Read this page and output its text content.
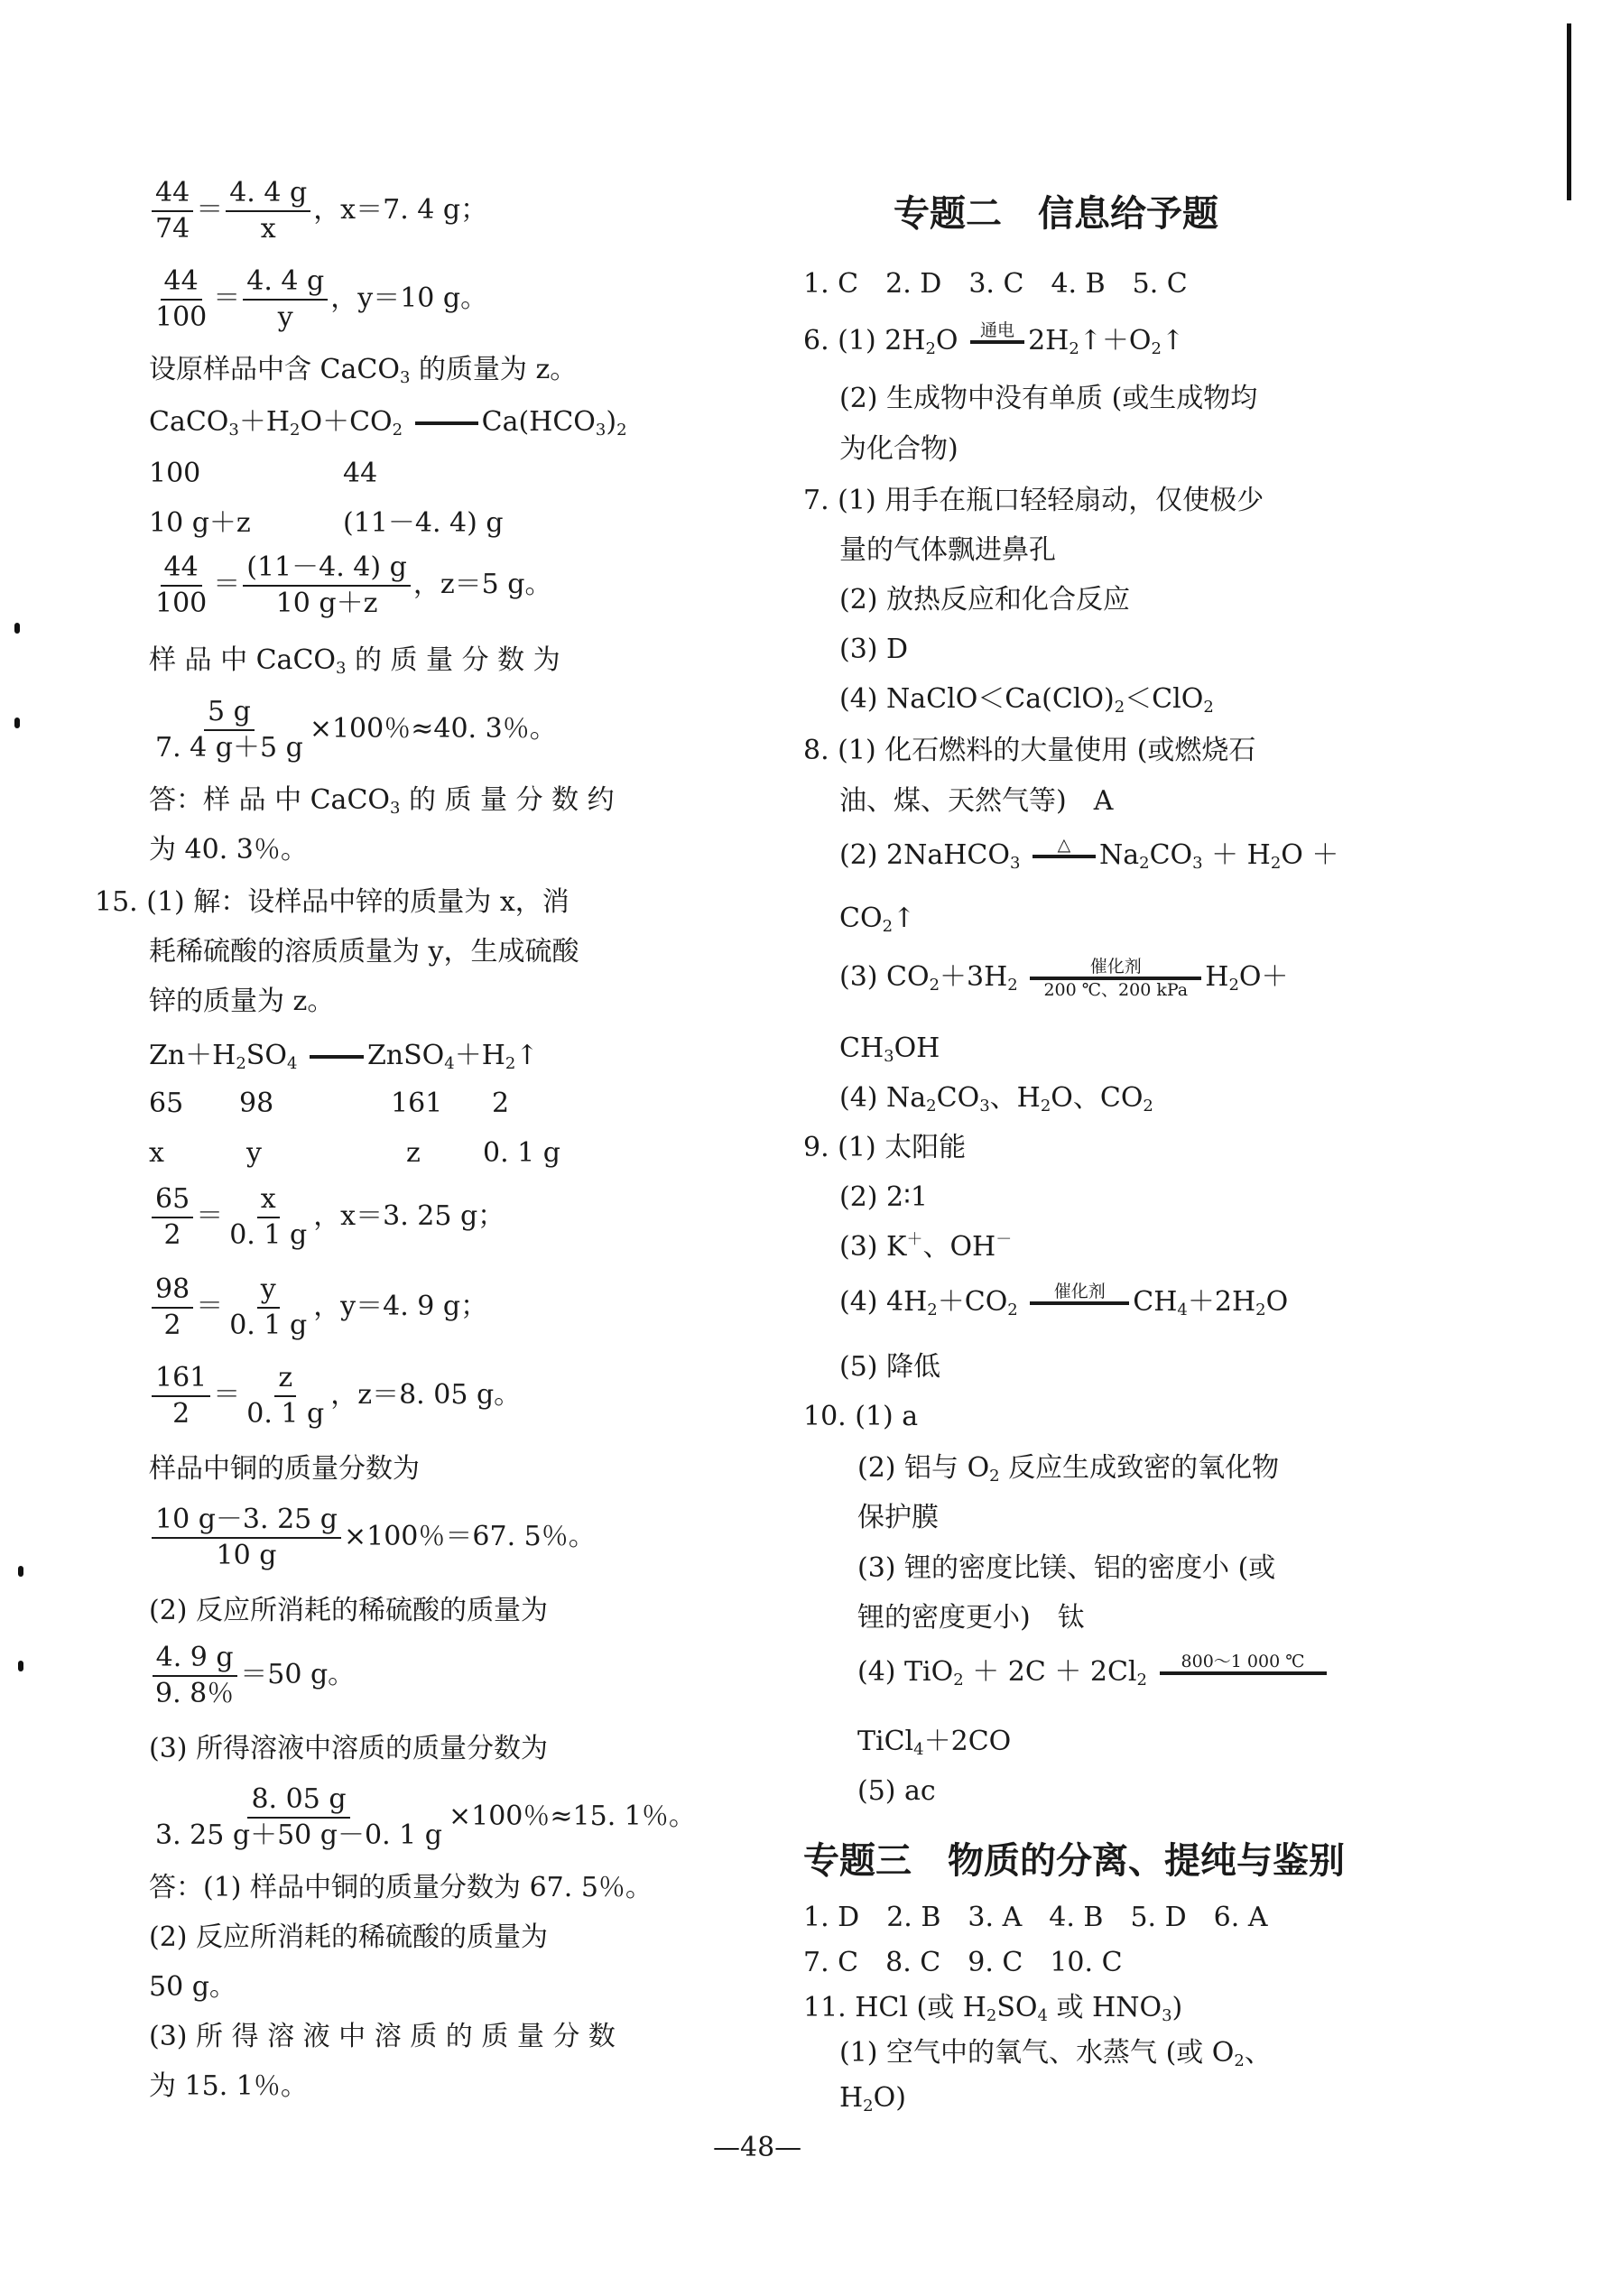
$\frac{44}{74} = \frac{4. 4 g}{x}$ ，x＝7. 4 g；
$\frac{44}{100} = \frac{4. 4 g}{y}$ ，y＝10 g。
设原样品中含 CaCO$_3$ 的质量为 z。
$CaCO_3+H_2O+CO_2$	$Ca(HCO_3)_2$
100	44
10 g＋z	(11－4. 4) g
$\frac{44}{100} = \frac{(11-4. 4) g}{10 g+z}$ ，z＝5 g。
样 品 中 CaCO$_3$ 的 质 量 分 数 为
$\frac{5 g}{7. 4 g+5 g} \times 100$％≈40. 3％。
答：样 品 中 CaCO$_3$ 的 质 量 分 数 约
为 40. 3％。
15. (1) 解：设样品中锌的质量为 x，消
耗稀硫酸的溶质质量为 y，生成硫酸
锌的质量为 z。
$Zn+H_2SO_4$	$ZnSO_4+H_2↑$
65 98	161 2
x	y	z 0. 1 g
$\frac{65}{2} = \frac{x}{0. 1 g}$ ，x＝3. 25 g；
$\frac{98}{2} = \frac{y}{0. 1 g}$ ，y＝4. 9 g；
$\frac{161}{2} = \frac{z}{0. 1 g}$ ，z＝8. 05 g。
样品中铜的质量分数为
$\frac{10 g-3. 25 g}{10 g} \times 100$％＝67. 5％。
(2) 反应所消耗的稀硫酸的质量为
$\frac{4. 9 g}{9. 8\%} =50$ g。
(3) 所得溶液中溶质的质量分数为
$\frac{8. 05 g}{3. 25 g+50 g-0. 1 g} \times 100$％≈15. 1％。
答：(1) 样品中铜的质量分数为 67. 5％。
(2) 反应所消耗的稀硫酸的质量为
50 g。
(3) 所 得 溶 液 中 溶 质 的 质 量 分 数
为 15. 1％。
专题二　信息给予题
1. C　2. D　3. C　4. B　5. C
6. (1) $2H_2O$	通电 $2H_2↑+O_2↑$
(2) 生成物中没有单质 (或生成物均
为化合物)
7. (1) 用手在瓶口轻轻扇动，仅使极少
量的气体飘进鼻孔
(2) 放热反应和化合反应
(3) D
(4) $NaClO<Ca(ClO)_2<ClO_2$
8. (1) 化石燃料的大量使用 (或燃烧石
油、煤、天然气等)　A
(2) 2NaHCO$_3$
△ $Na_2CO_3 + H_2O$ ＋
$CO_2↑$
(3) $CO_2+3H_2$
催化剂
200 ℃、200 kPa $H_2O+$
$CH_3OH$
(4) $Na_2CO_3$、$H_2O$、$CO_2$
9. (1) 太阳能
(2) 2∶1
(3) K＋、OH－
(4) $4H_2+CO_2$
催化剂 $CH_4+2H_2O$
(5) 降低
10. (1) a
(2) 铝与 $O_2$ 反应生成致密的氧化物
保护膜
(3) 锂的密度比镁、铝的密度小 (或
锂的密度更小)　钛
(4) $TiO_2 + 2C + 2Cl_2$
800～1 000 ℃
TiCl$_4$＋2CO
(5) ac
专题三　物质的分离、提纯与鉴别
1. D　2. B　3. A　4. B　5. D　6. A
7. C　8. C　9. C　10. C
11. HCl (或 $H_2SO_4$ 或 $HNO_3$)
(1) 空气中的氧气、水蒸气 (或 $O_2$、
$H_2O$)
—48—
